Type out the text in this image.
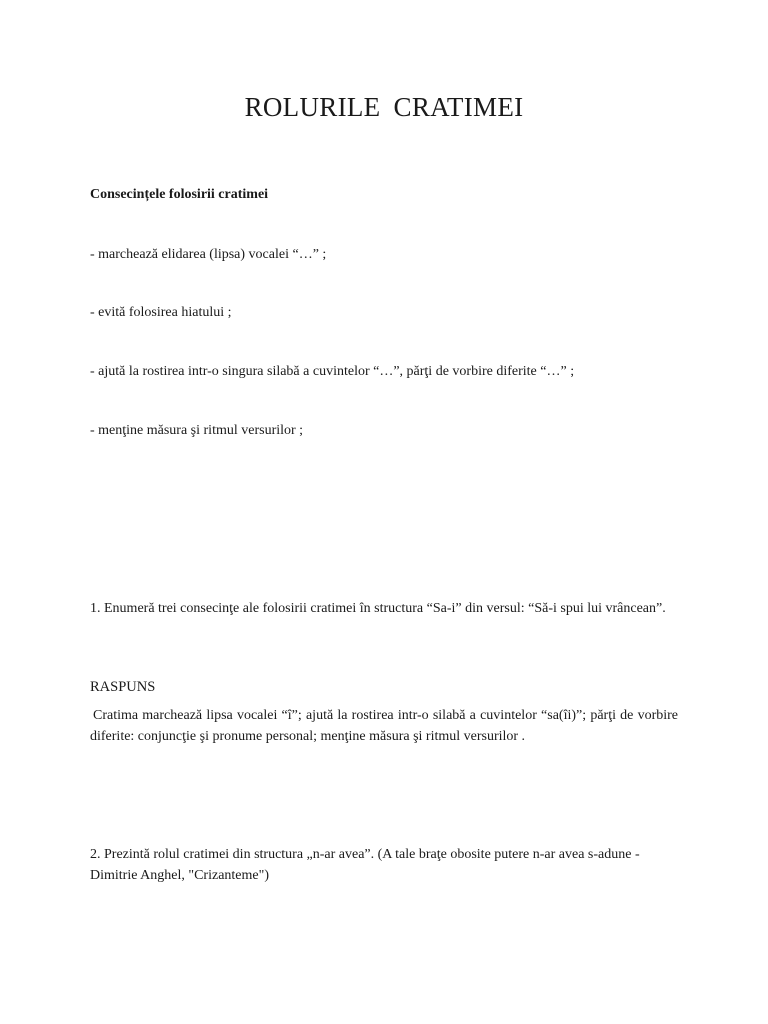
ROLURILE CRATIMEI
Consecințele folosirii cratimei
- marchează elidarea (lipsa) vocalei “…” ;
- evită folosirea hiatului ;
- ajută la rostirea intr-o singura silabă a cuvintelor “…”, părţi de vorbire diferite “…” ;
- menţine măsura şi ritmul versurilor ;
1. Enumeră trei consecinţe ale folosirii cratimei în structura “Sa-i” din versul: “Să-i spui lui vrâncean”.
RASPUNS
Cratima marchează lipsa vocalei “î”; ajută la rostirea intr-o silabă a cuvintelor “sa(îi)”; părţi de vorbire diferite: conjuncţie şi pronume personal; menţine măsura şi ritmul versurilor .
2. Prezintă rolul cratimei din structura „n-ar avea”. (A tale braţe obosite putere n-ar avea s-adune - Dimitrie Anghel, "Crizanteme")
